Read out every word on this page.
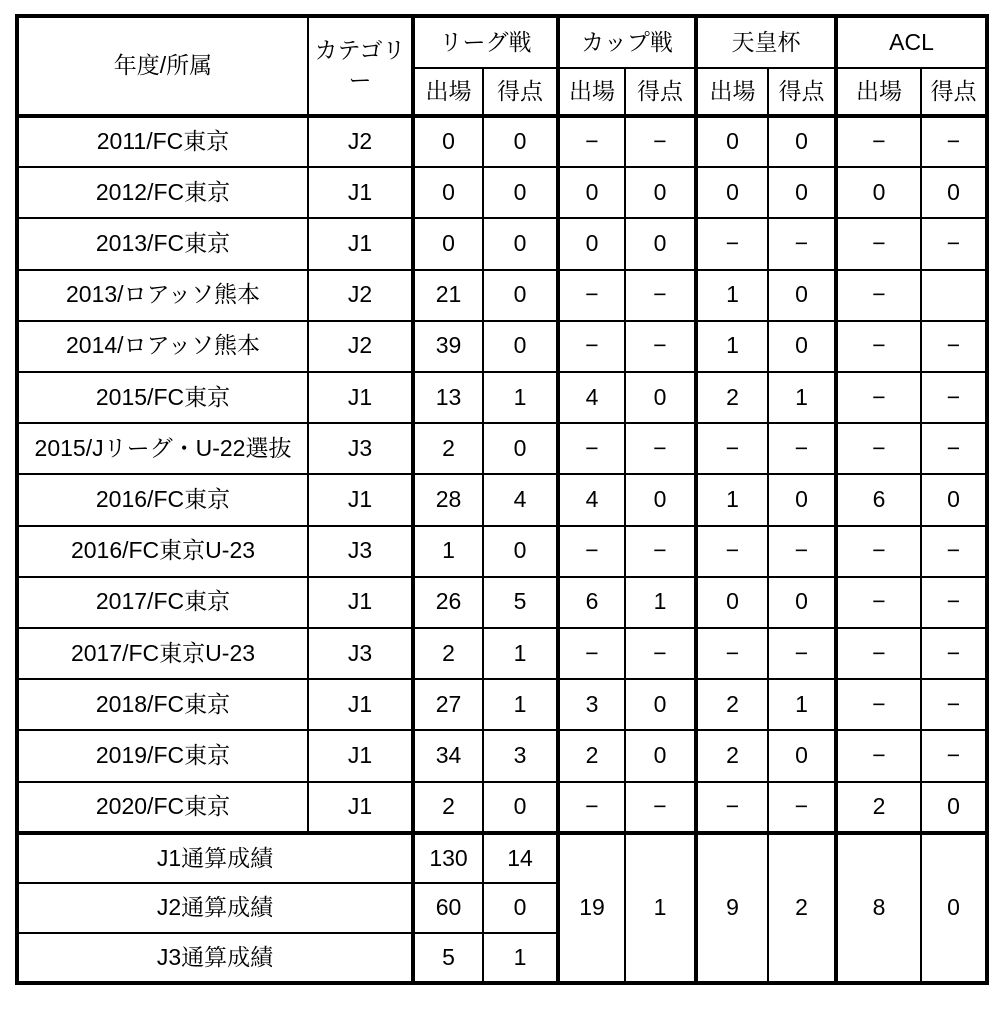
年度/所属	カテゴリー	リーグ戦		カップ戦		天皇杯		ACL	
		出場	得点	出場	得点	出場	得点	出場	得点
2011/FC東京	J2	0	0	−	−	0	0	−	−
2012/FC東京	J1	0	0	0	0	0	0	0	0
2013/FC東京	J1	0	0	0	0	−	−	−	−
2013/ロアッソ熊本	J2	21	0	−	−	1	0	−	
2014/ロアッソ熊本	J2	39	0	−	−	1	0	−	−
2015/FC東京	J1	13	1	4	0	2	1	−	−
2015/Jリーグ・U-22選抜	J3	2	0	−	−	−	−	−	−
2016/FC東京	J1	28	4	4	0	1	0	6	0
2016/FC東京U-23	J3	1	0	−	−	−	−	−	−
2017/FC東京	J1	26	5	6	1	0	0	−	−
2017/FC東京U-23	J3	2	1	−	−	−	−	−	−
2018/FC東京	J1	27	1	3	0	2	1	−	−
2019/FC東京	J1	34	3	2	0	2	0	−	−
2020/FC東京	J1	2	0	−	−	−	−	2	0
J1通算成績		130	14	19	1	9	2	8	0
J2通算成績		60	0						
J3通算成績		5	1						
